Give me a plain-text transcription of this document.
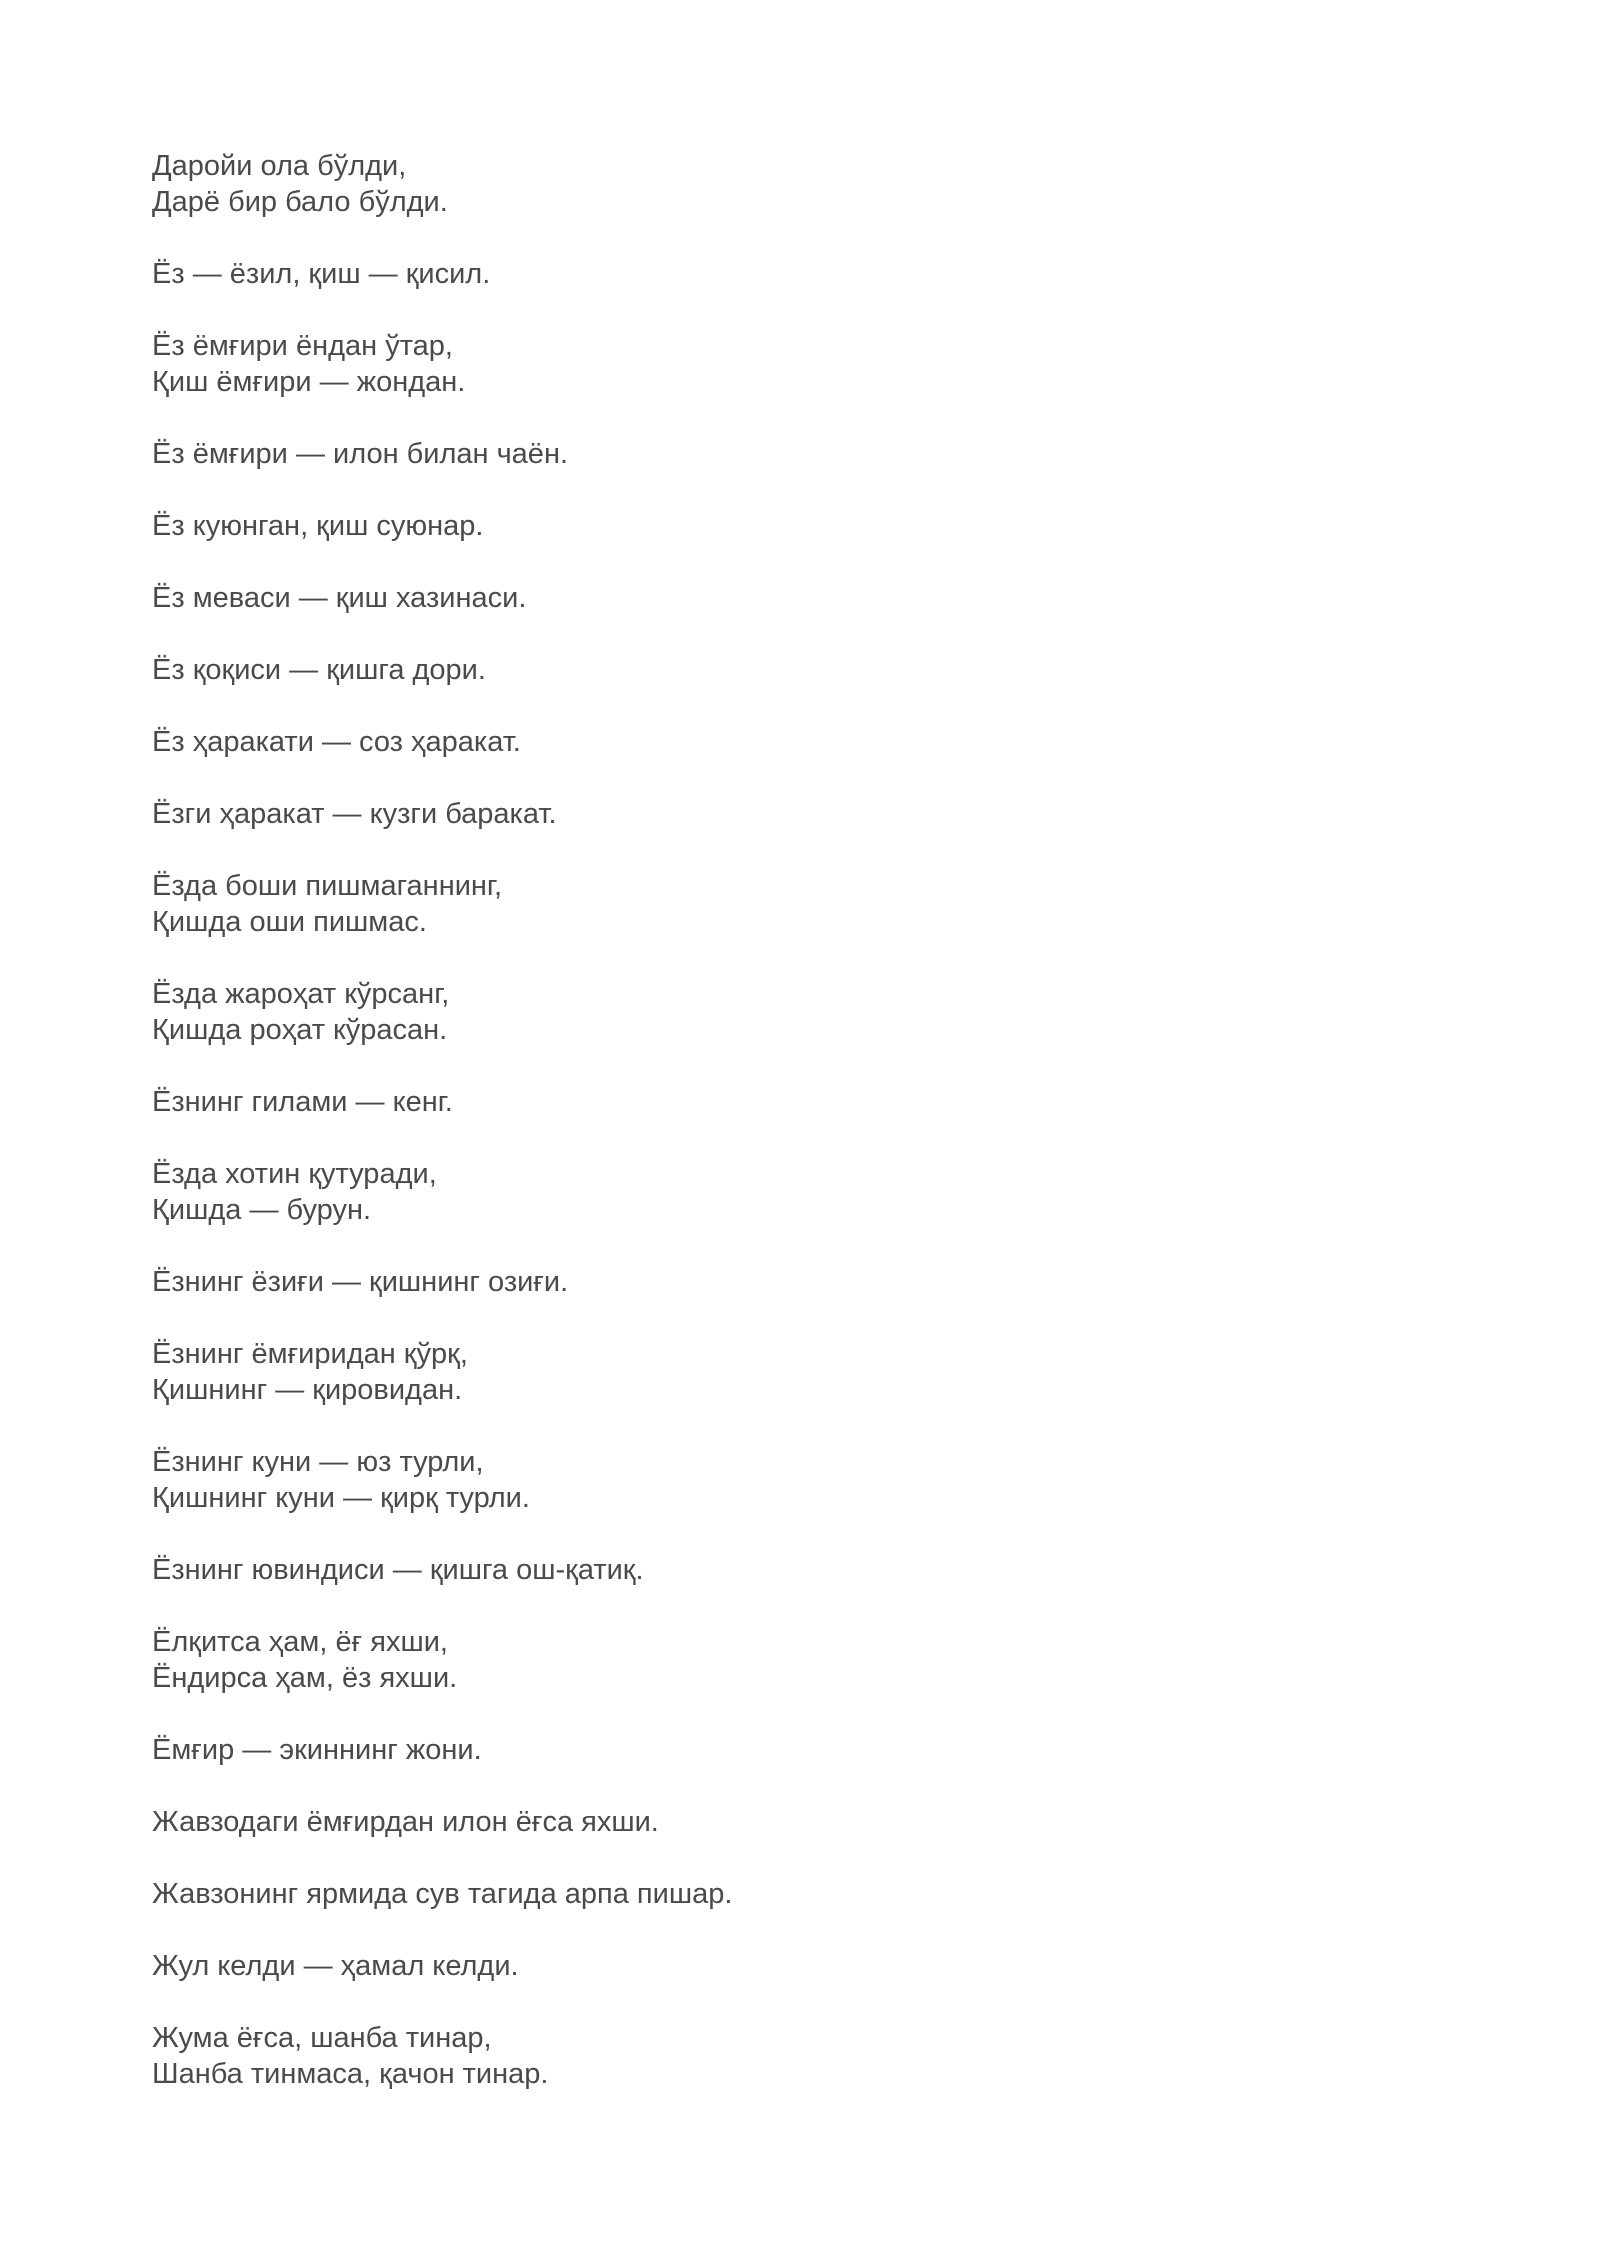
Даройи ола бўлди,
Дарё бир бало бўлди.
Ёз — ёзил, қиш — қисил.
Ёз ёмғири ёндан ўтар,
Қиш ёмғири — жондан.
Ёз ёмғири — илон билан чаён.
Ёз куюнган, қиш суюнар.
Ёз меваси — қиш хазинаси.
Ёз қоқиси — қишга дори.
Ёз ҳаракати — соз ҳаракат.
Ёзги ҳаракат — кузги баракат.
Ёзда боши пишмаганнинг,
Қишда оши пишмас.
Ёзда жароҳат кўрсанг,
Қишда роҳат кўрасан.
Ёзнинг гилами — кенг.
Ёзда хотин қутуради,
Қишда — бурун.
Ёзнинг ёзиғи — қишнинг озиғи.
Ёзнинг ёмғиридан қўрқ,
Қишнинг — қировидан.
Ёзнинг куни — юз турли,
Қишнинг куни — қирқ турли.
Ёзнинг ювиндиси — қишга ош-қатиқ.
Ёлқитса ҳам, ёғ яхши,
Ёндирса ҳам, ёз яхши.
Ёмғир — экиннинг жони.
Жавзодаги ёмғирдан илон ёғса яхши.
Жавзонинг ярмида сув тагида арпа пишар.
Жул келди — ҳамал келди.
Жума ёғса, шанба тинар,
Шанба тинмаса, қачон тинар.
